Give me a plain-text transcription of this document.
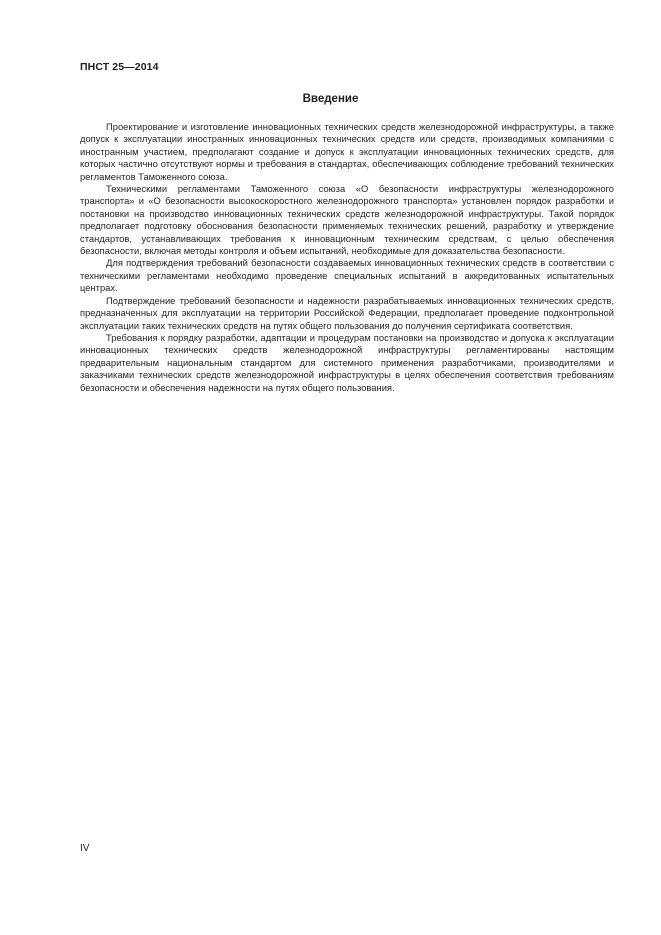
ПНСТ 25—2014
Введение

Проектирование и изготовление инновационных технических средств железнодорожной инфраструктуры, а также допуск к эксплуатации иностранных инновационных технических средств или средств, производимых компаниями с иностранным участием, предполагают создание и допуск к эксплуатации инновационных технических средств, для которых частично отсутствуют нормы и требования в стандартах, обеспечивающих соблюдение требований технических регламентов Таможенного союза.

Техническими регламентами Таможенного союза «О безопасности инфраструктуры железнодорожного транспорта» и «О безопасности высокоскоростного железнодорожного транспорта» установлен порядок разработки и постановки на производство инновационных технических средств железнодорожной инфраструктуры. Такой порядок предполагает подготовку обоснования безопасности применяемых технических решений, разработку и утверждение стандартов, устанавливающих требования к инновационным техническим средствам, с целью обеспечения безопасности, включая методы контроля и объем испытаний, необходимые для доказательства безопасности.

Для подтверждения требований безопасности создаваемых инновационных технических средств в соответствии с техническими регламентами необходимо проведение специальных испытаний в аккредитованных испытательных центрах.

Подтверждение требований безопасности и надежности разрабатываемых инновационных технических средств, предназначенных для эксплуатации на территории Российской Федерации, предполагает проведение подконтрольной эксплуатации таких технических средств на путях общего пользования до получения сертификата соответствия.

Требования к порядку разработки, адаптации и процедурам постановки на производство и допуска к эксплуатации инновационных технических средств железнодорожной инфраструктуры регламентированы настоящим предварительным национальным стандартом для системного применения разработчиками, производителями и заказчиками технических средств железнодорожной инфраструктуры в целях обеспечения соответствия требованиям безопасности и обеспечения надежности на путях общего пользования.

IV
